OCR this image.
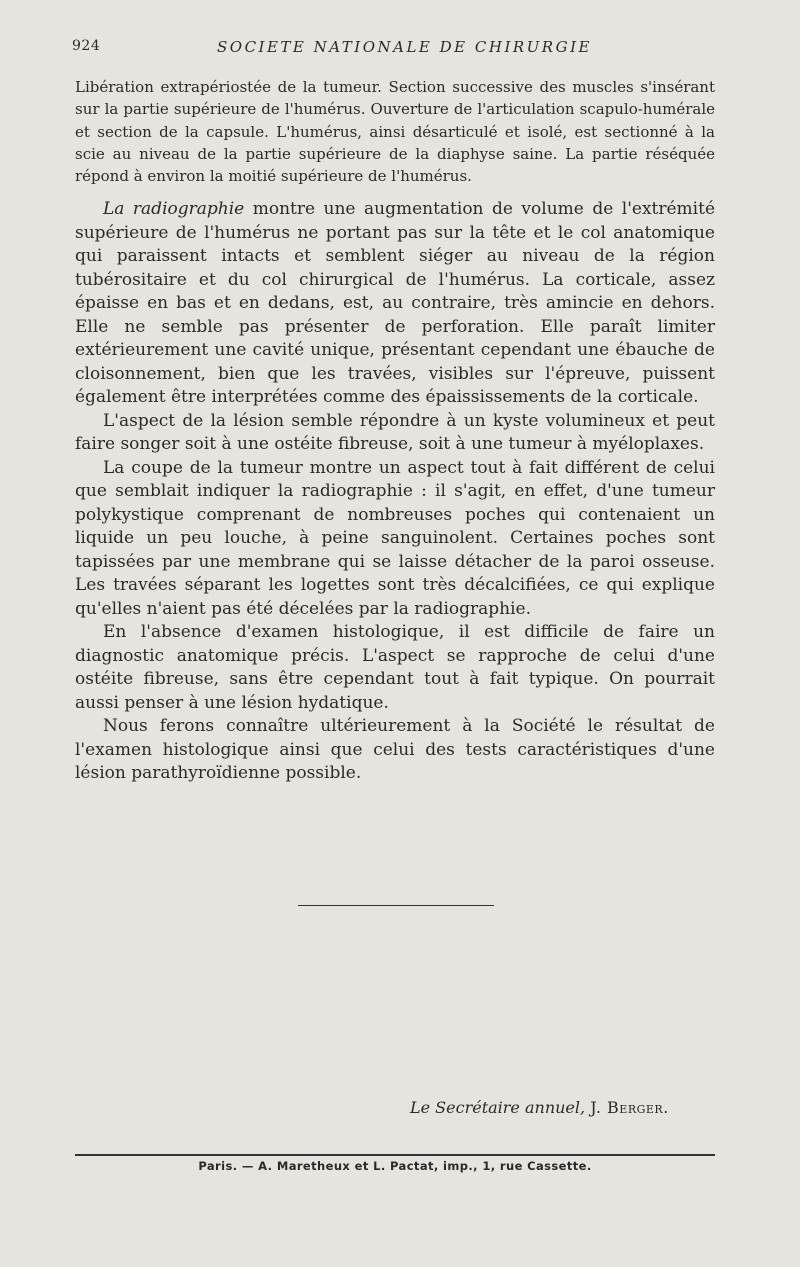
924	SOCIETE NATIONALE DE CHIRURGIE

Libération extrapériostée de la tumeur. Section successive des muscles s'insérant sur la partie supérieure de l'humérus. Ouverture de l'articulation scapulo-humérale et section de la capsule. L'humérus, ainsi désarticulé et isolé, est sectionné à la scie au niveau de la partie supérieure de la diaphyse saine. La partie réséquée répond à environ la moitié supérieure de l'humérus.

La radiographie montre une augmentation de volume de l'extrémité supérieure de l'humérus ne portant pas sur la tête et le col anatomique qui paraissent intacts et semblent siéger au niveau de la région tubérositaire et du col chirurgical de l'humérus. La corticale, assez épaisse en bas et en dedans, est, au contraire, très amincie en dehors. Elle ne semble pas présenter de perforation. Elle paraît limiter extérieurement une cavité unique, présentant cependant une ébauche de cloisonnement, bien que les travées, visibles sur l'épreuve, puissent également être interprétées comme des épaississements de la corticale.

L'aspect de la lésion semble répondre à un kyste volumineux et peut faire songer soit à une ostéite fibreuse, soit à une tumeur à myéloplaxes.

La coupe de la tumeur montre un aspect tout à fait différent de celui que semblait indiquer la radiographie : il s'agit, en effet, d'une tumeur polykystique comprenant de nombreuses poches qui contenaient un liquide un peu louche, à peine sanguinolent. Certaines poches sont tapissées par une membrane qui se laisse détacher de la paroi osseuse. Les travées séparant les logettes sont très décalcifiées, ce qui explique qu'elles n'aient pas été décelées par la radiographie.

En l'absence d'examen histologique, il est difficile de faire un diagnostic anatomique précis. L'aspect se rapproche de celui d'une ostéite fibreuse, sans être cependant tout à fait typique. On pourrait aussi penser à une lésion hydatique.

Nous ferons connaître ultérieurement à la Société le résultat de l'examen histologique ainsi que celui des tests caractéristiques d'une lésion parathyroïdienne possible.

Le Secrétaire annuel, J. Berger.
Paris. — A. Maretheux et L. Pactat, imp., 1, rue Cassette.
